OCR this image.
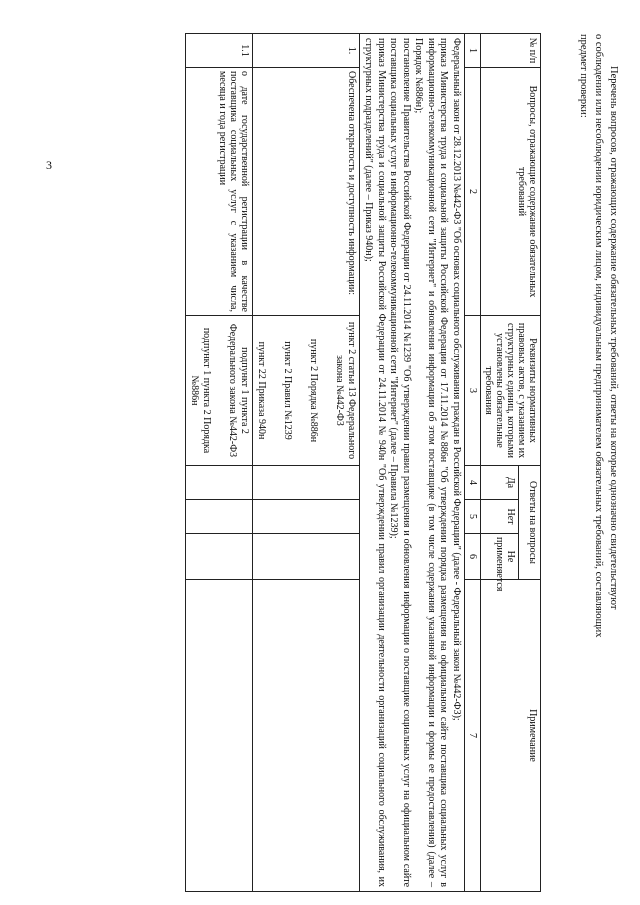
3	Перечень вопросов, отражающих содержание обязательных требований, ответы на которые однозначно свидетельствуют
о соблюдении или несоблюдении юридическим лицом, индивидуальным предпринимателем обязательных требований, составляющих
предмет проверки:
№ п/п	Вопросы, отражающие содержание обязательных требований	Реквизиты нормативных правовых актов, с указанием их структурных единиц, которыми установлены обязательные требования	Ответы на вопросы			Примечание
			Да	Нет	Не применяется	
1	2	3	4	5	6	7

Федеральный закон от 28.12.2013 №442-ФЗ "Об основах социального обслуживания граждан в Российской Федерации" (далее - Федеральный закон №442-ФЗ);
приказ Министерства труда и социальной защиты Российской Федерации от 17.11.2014 №886н "Об утверждении порядка размещения на официальном сайте поставщика социальных услуг в информационно-телекоммуникационной сети "Интернет" и обновления информации об этом поставщике (в том числе содержания указанной информации и формы ее предоставления) (далее – Порядок №886н);
постановление Правительства Российской Федерации от 24.11.2014 №1239 "Об утверждении правил размещения и обновления информации о поставщике социальных услуг на официальном сайте поставщика социальных услуг в информационно-телекоммуникационной сети "Интернет" (далее – Правила №1239);
приказ Министерства труда и социальной защиты Российской Федерации от 24.11.2014 № 940н "Об утверждении правил организации деятельности организаций социального обслуживания, их структурных подразделений" (далее – Приказ 940н);						

1.	Обеспечена открытость и доступность информации:	пункт 2 статьи 13 Федерального закона №442-ФЗ
пункт 2 Порядка №886н
пункт 2 Правил №1239
пункт 22 Приказа 940н				

1.1	о дате государственной регистрации в качестве поставщика социальных услуг с указанием числа, месяца и года регистрации	подпункт 1 пункта 2 Федерального закона №442-ФЗ
подпункт 1 пункта 2 Порядка №886н				
